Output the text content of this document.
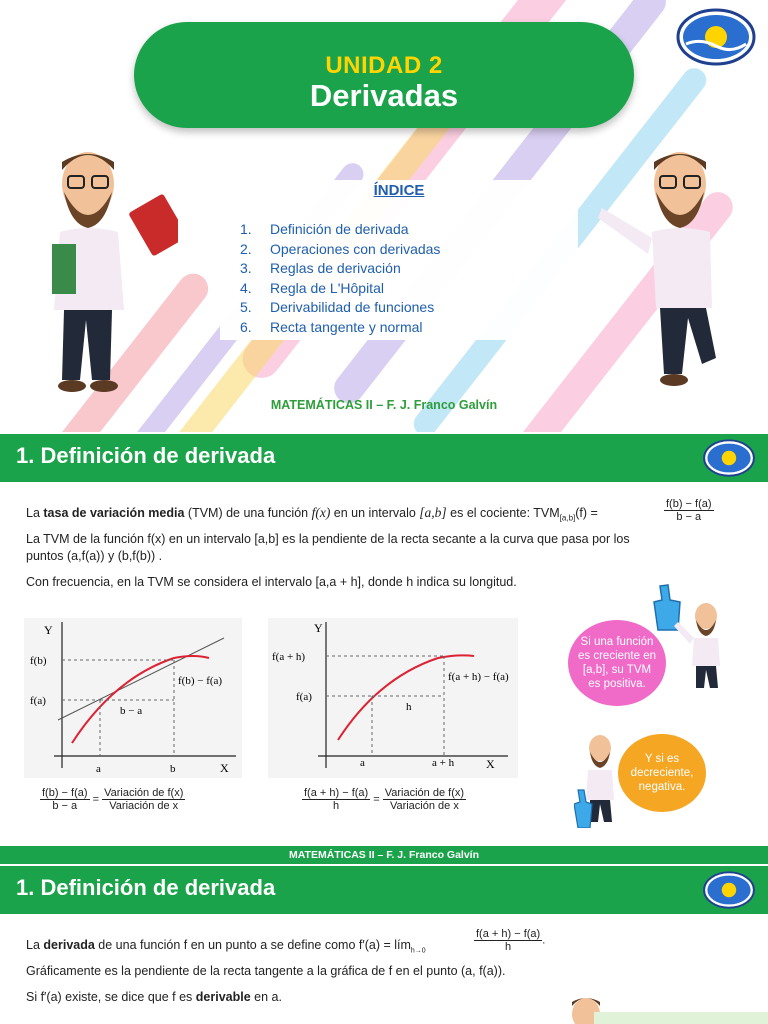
UNIDAD 2
Derivadas
ÍNDICE
1. Definición de derivada
2. Operaciones con derivadas
3. Reglas de derivación
4. Regla de L'Hôpital
5. Derivabilidad de funciones
6. Recta tangente y normal
MATEMÁTICAS II – F. J. Franco Galvín
1. Definición de derivada
La tasa de variación media (TVM) de una función f(x) en un intervalo [a,b] es el cociente: $TVM_{[a,b]}(f)$ =	$\frac{f(b) - f(a)}{b - a}$
La TVM de la función f(x) en un intervalo [a,b] es la pendiente de la recta secante a la curva que pasa por los
puntos (a,f(a)) y (b,f(b)) .
Con frecuencia, en la TVM se considera el intervalo [a,a + h], donde h indica su longitud.
Y
X
f(b)
f(a)
f(b) − f(a)
b − a
a	b
Y
X
f(a + h)
f(a)
f(a + h) − f(a)
h
a	a + h
$\frac{f(b) - f(a)}{b - a}$ =
Variación de f(x)
Variación de x	$\frac{f(a + h) - f(a)}{h}$ =
Variación de f(x)
Variación de x
Si una función es creciente en [a,b], su TVM es positiva.
Y si es decreciente, negativa.
MATEMÁTICAS II – F. J. Franco Galvín
1. Definición de derivada
La derivada de una función f en un punto a se define como f′(a) = lím$_{h\to 0}$	$\frac{f(a + h) - f(a)}{h}$ .
Gráficamente es la pendiente de la recta tangente a la gráfica de f en el punto (a, f(a)).
Si f′(a) existe, se dice que f es derivable en a.
